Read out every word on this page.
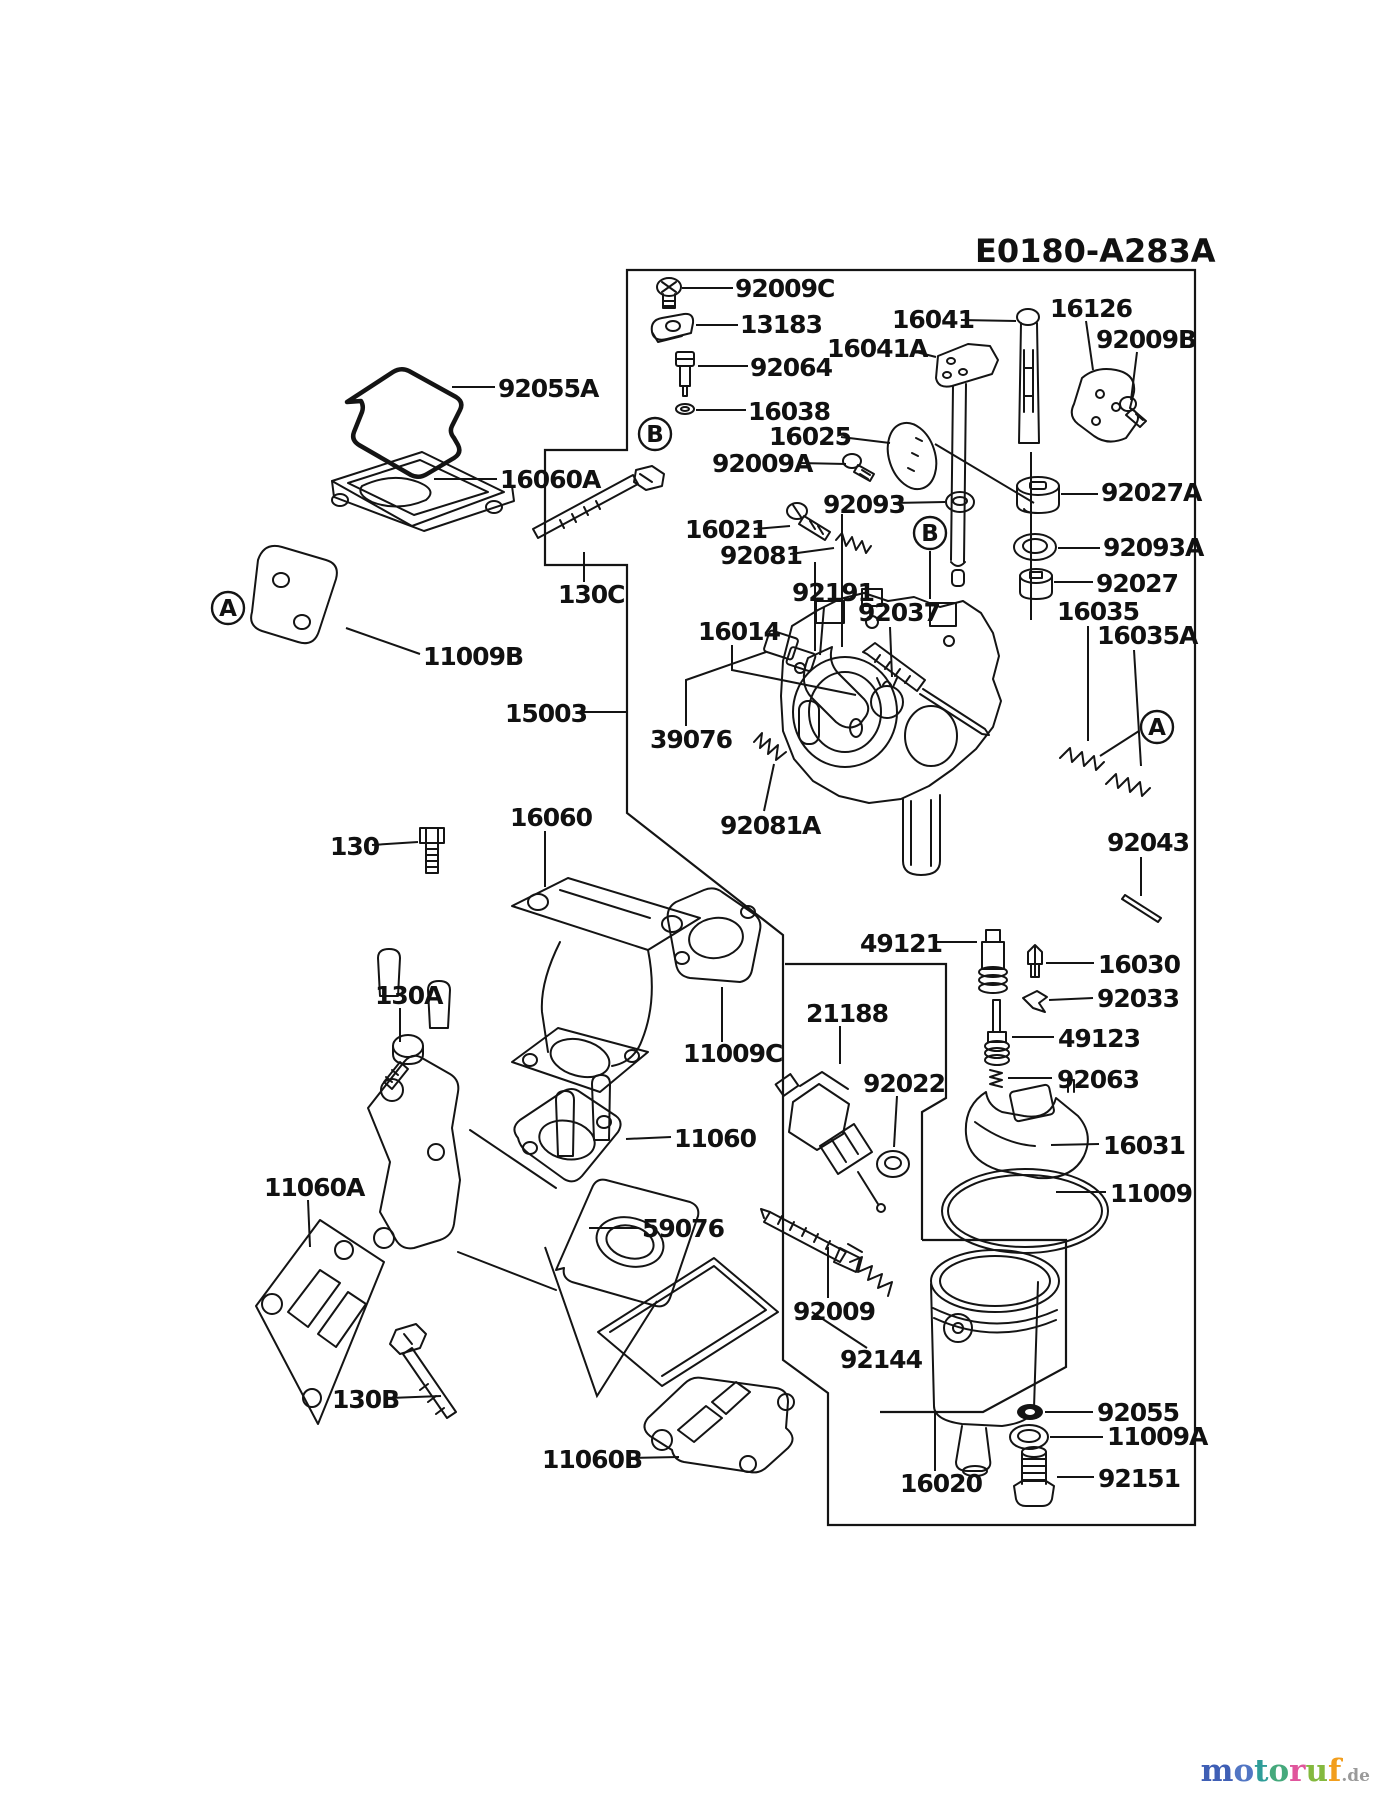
E0180-A283A
92009C
13183
92064
16038
16025
92009A
16041
16041A
16126
92009B
92055A
16060A
130C
11009B
92093	92027A
16021
92081	92093A
92027
92191
92037	16035
16035A
16014
15003
39076
92081A
92043
16060
130
130A
49121
16030
92033
49123
92063
11009C
21188
92022
11060	16031
11009
11060A
59076
92009
92144
130B
11060B
16020
92055
11009A
92151
B
B
A
A
motoruf.de
